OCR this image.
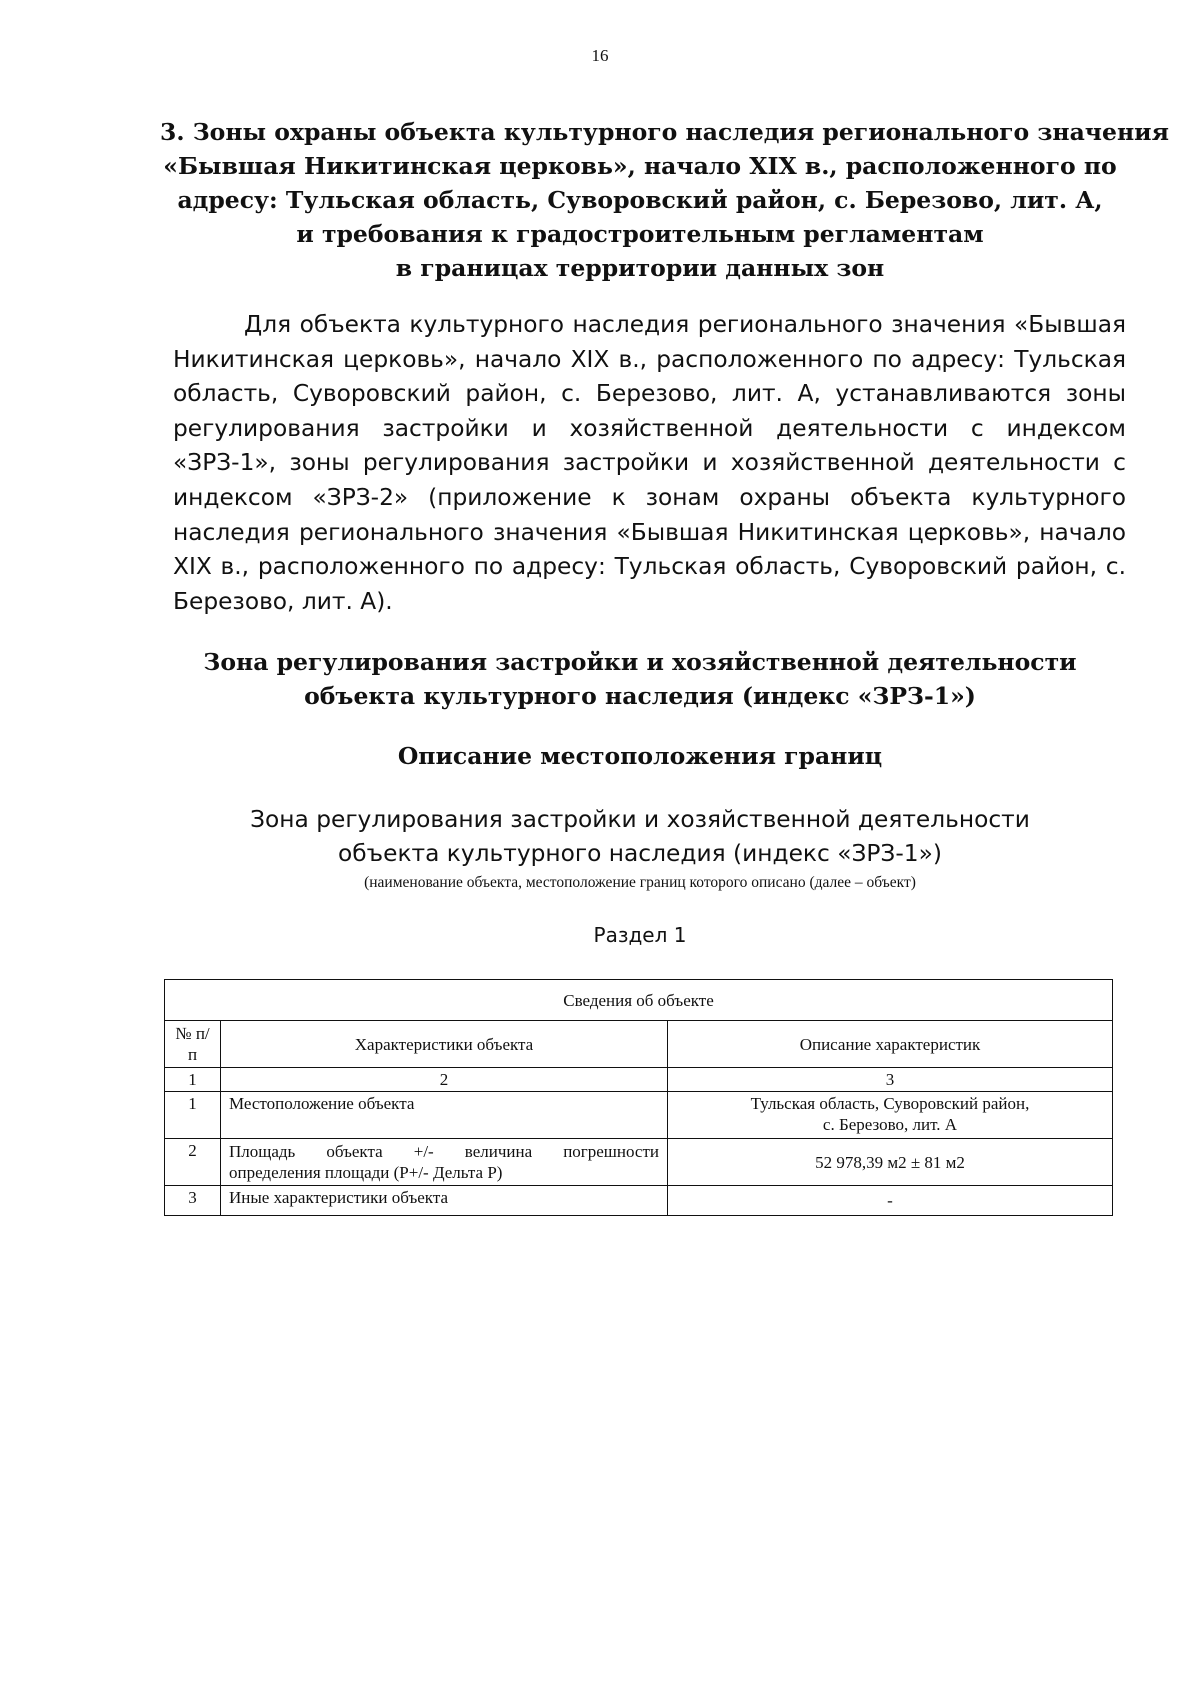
16
3. Зоны охраны объекта культурного наследия регионального значения
«Бывшая Никитинская церковь», начало XIX в., расположенного по
адресу: Тульская область, Суворовский район, с. Березово, лит. А,
и требования к градостроительным регламентам
в границах территории данных зон

Для объекта культурного наследия регионального значения «Бывшая Никитинская церковь», начало XIX в., расположенного по адресу: Тульская область, Суворовский район, с. Березово, лит. А, устанавливаются зоны регулирования застройки и хозяйственной деятельности с индексом «ЗРЗ-1», зоны регулирования застройки и хозяйственной деятельности с индексом «ЗРЗ-2» (приложение к зонам охраны объекта культурного наследия регионального значения «Бывшая Никитинская церковь», начало XIX в., расположенного по адресу: Тульская область, Суворовский район, с. Березово, лит. А).

Зона регулирования застройки и хозяйственной деятельности
объекта культурного наследия (индекс «ЗРЗ-1»)
Описание местоположения границ
Зона регулирования застройки и хозяйственной деятельности
объекта культурного наследия (индекс «ЗРЗ-1»)
(наименование объекта, местоположение границ которого описано (далее – объект)
Раздел 1
Сведения об объекте		
№ п/п	Характеристики объекта	Описание характеристик
1	2	3
1	Местоположение объекта	Тульская область, Суворовский район,
с. Березово, лит. А

2	Площадь объекта +/- величина погрешности
определения площади (Р+/- Дельта Р)	52 978,39 м2 ± 81 м2
3	Иные характеристики объекта	-
